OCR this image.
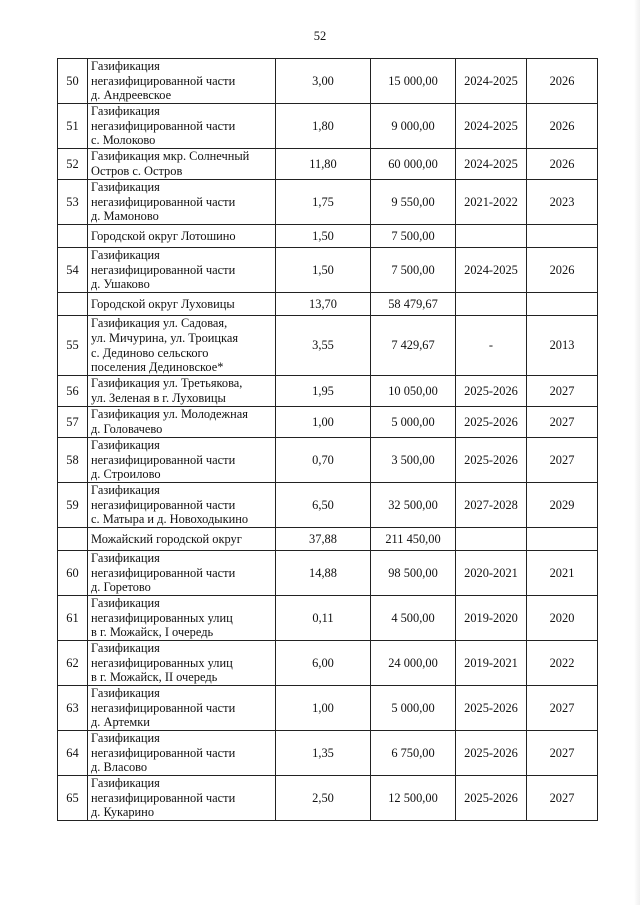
52
50	Газификация
негазифицированной части
д. Андреевское	3,00	15 000,00	2024-2025	2026
51	Газификация
негазифицированной части
с. Молоково	1,80	9 000,00	2024-2025	2026
52	Газификация мкр. Солнечный
Остров с. Остров	11,80	60 000,00	2024-2025	2026
53	Газификация
негазифицированной части
д. Мамоново	1,75	9 550,00	2021-2022	2023
	Городской округ Лотошино	1,50	7 500,00		
54	Газификация
негазифицированной части
д. Ушаково	1,50	7 500,00	2024-2025	2026
	Городской округ Луховицы	13,70	58 479,67		
55	Газификация ул. Садовая,
ул. Мичурина, ул. Троицкая
с. Дединово сельского
поселения Дединовское*	3,55	7 429,67	-	2013
56	Газификация ул. Третьякова,
ул. Зеленая в г. Луховицы	1,95	10 050,00	2025-2026	2027
57	Газификация ул. Молодежная
д. Головачево	1,00	5 000,00	2025-2026	2027
58	Газификация
негазифицированной части
д. Строилово	0,70	3 500,00	2025-2026	2027
59	Газификация
негазифицированной части
с. Матыра и д. Новоходыкино	6,50	32 500,00	2027-2028	2029
	Можайский городской округ	37,88	211 450,00		
60	Газификация
негазифицированной части
д. Горетово	14,88	98 500,00	2020-2021	2021
61	Газификация
негазифицированных улиц
в г. Можайск, I очередь	0,11	4 500,00	2019-2020	2020
62	Газификация
негазифицированных улиц
в г. Можайск, II очередь	6,00	24 000,00	2019-2021	2022
63	Газификация
негазифицированной части
д. Артемки	1,00	5 000,00	2025-2026	2027
64	Газификация
негазифицированной части
д. Власово	1,35	6 750,00	2025-2026	2027
65	Газификация
негазифицированной части
д. Кукарино	2,50	12 500,00	2025-2026	2027
